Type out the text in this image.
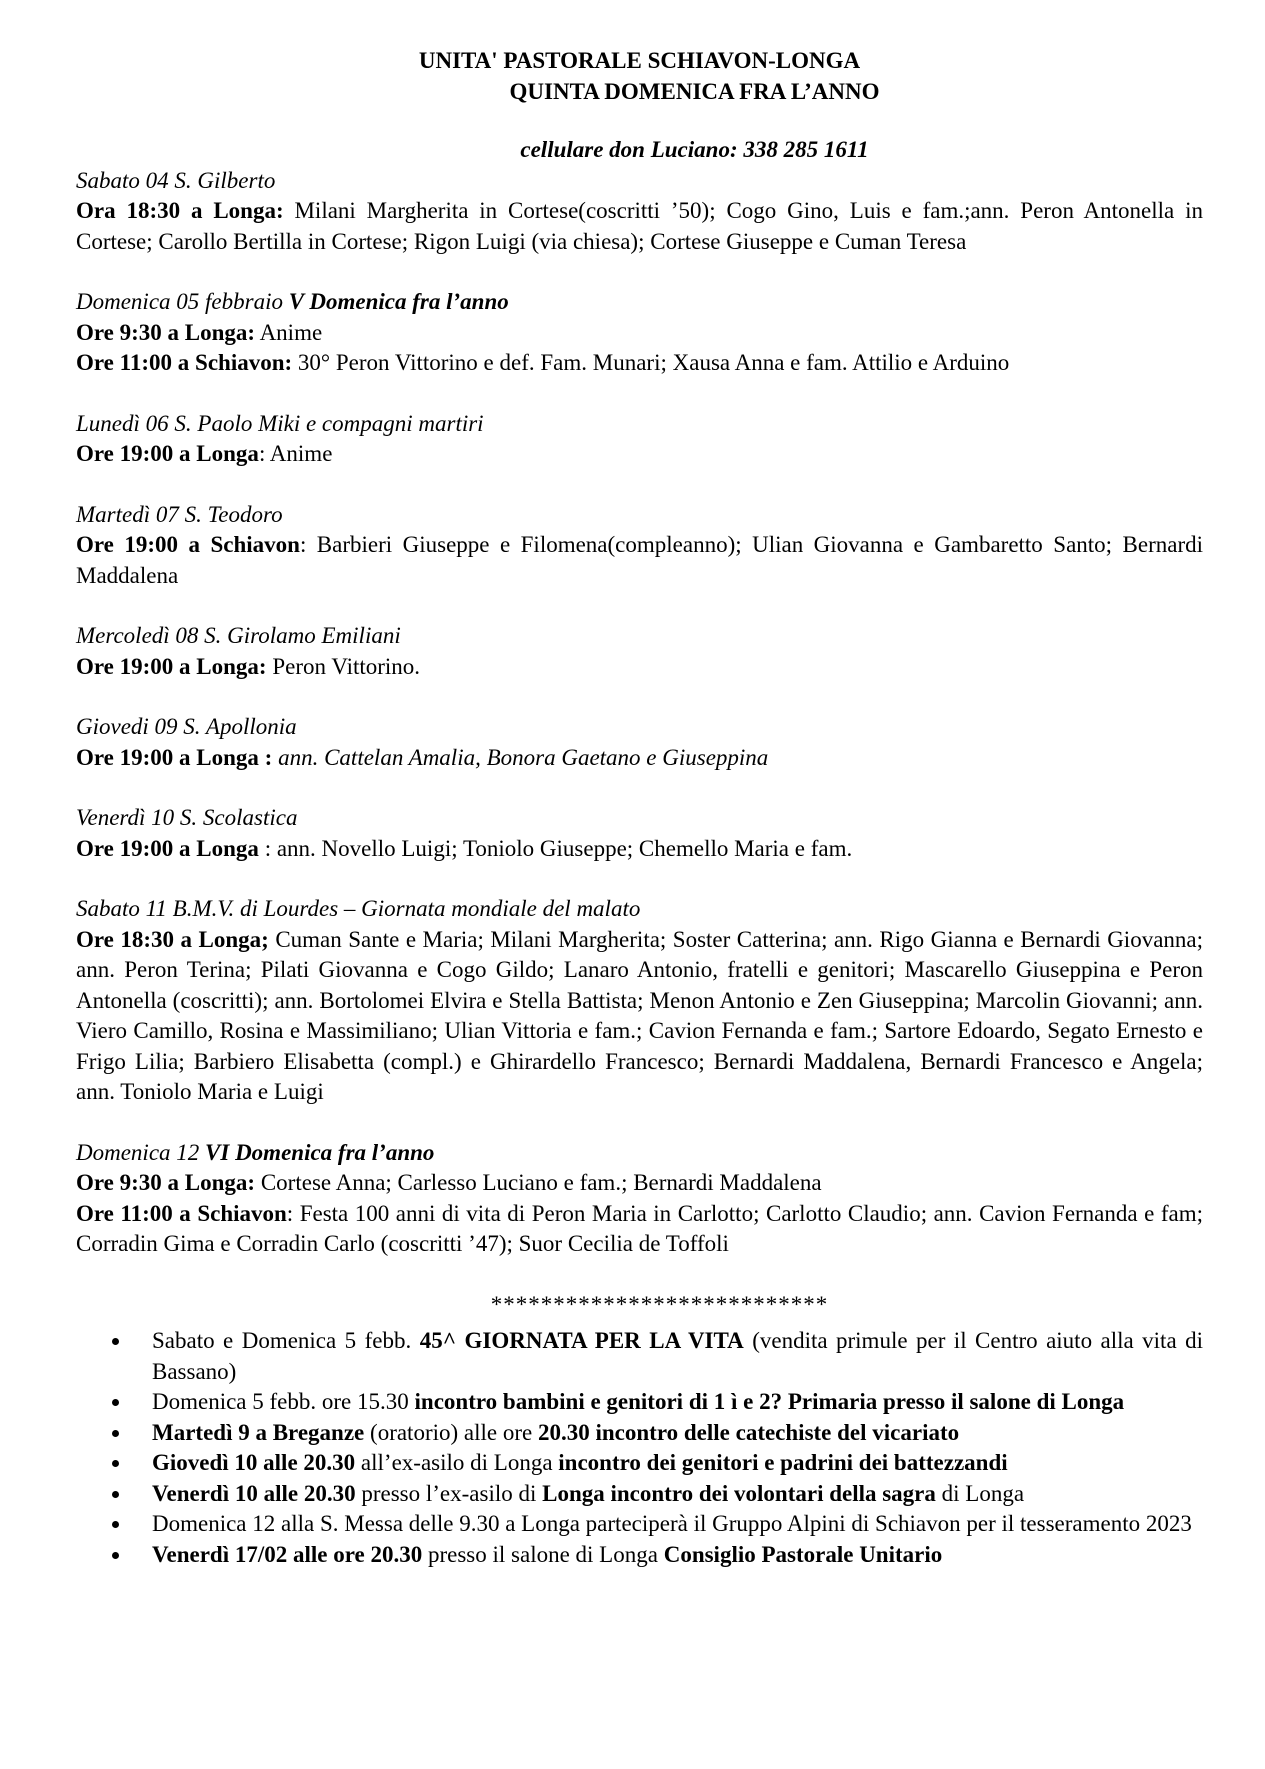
UNITA' PASTORALE SCHIAVON-LONGA

QUINTA DOMENICA FRA L’ANNO

cellulare don Luciano: 338 285 1611

Sabato 04 S. Gilberto

Ora 18:30 a Longa: Milani Margherita in Cortese(coscritti ’50); Cogo Gino, Luis e fam.;ann. Peron Antonella in Cortese; Carollo Bertilla in Cortese; Rigon Luigi (via chiesa); Cortese Giuseppe e Cuman Teresa

Domenica 05 febbraio V Domenica fra l’anno

Ore 9:30 a Longa: Anime

Ore 11:00 a Schiavon: 30° Peron Vittorino e def. Fam. Munari; Xausa Anna e fam. Attilio e Arduino

Lunedì 06 S. Paolo Miki e compagni martiri

Ore 19:00 a Longa: Anime

Martedì 07 S. Teodoro

Ore 19:00 a Schiavon: Barbieri Giuseppe e Filomena(compleanno); Ulian Giovanna e Gambaretto Santo; Bernardi Maddalena

Mercoledì 08 S. Girolamo Emiliani

Ore 19:00 a Longa: Peron Vittorino.

Giovedi 09 S. Apollonia

Ore 19:00 a Longa : ann. Cattelan Amalia, Bonora Gaetano e Giuseppina

Venerdì 10 S. Scolastica

Ore 19:00 a Longa : ann. Novello Luigi; Toniolo Giuseppe; Chemello Maria e fam.

Sabato 11 B.M.V. di Lourdes – Giornata mondiale del malato

Ore 18:30 a Longa; Cuman Sante e Maria; Milani Margherita; Soster Catterina; ann. Rigo Gianna e Bernardi Giovanna; ann. Peron Terina; Pilati Giovanna e Cogo Gildo; Lanaro Antonio, fratelli e genitori; Mascarello Giuseppina e Peron Antonella (coscritti); ann. Bortolomei Elvira e Stella Battista; Menon Antonio e Zen Giuseppina; Marcolin Giovanni; ann. Viero Camillo, Rosina e Massimiliano; Ulian Vittoria e fam.; Cavion Fernanda e fam.; Sartore Edoardo, Segato Ernesto e Frigo Lilia; Barbiero Elisabetta (compl.) e Ghirardello Francesco; Bernardi Maddalena, Bernardi Francesco e Angela; ann. Toniolo Maria e Luigi

Domenica 12 VI Domenica fra l’anno

Ore 9:30 a Longa: Cortese Anna; Carlesso Luciano e fam.; Bernardi Maddalena

Ore 11:00 a Schiavon: Festa 100 anni di vita di Peron Maria in Carlotto; Carlotto Claudio; ann. Cavion Fernanda e fam; Corradin Gima e Corradin Carlo (coscritti ’47); Suor Cecilia de Toffoli

***************************

Sabato e Domenica 5 febb. 45^ GIORNATA PER LA VITA (vendita primule per il Centro aiuto alla vita di Bassano)
Domenica 5 febb. ore 15.30 incontro bambini e genitori di 1 ì e 2? Primaria presso il salone di Longa
Martedì 9 a Breganze (oratorio) alle ore 20.30 incontro delle catechiste del vicariato
Giovedì 10 alle 20.30 all’ex-asilo di Longa incontro dei genitori e padrini dei battezzandi
Venerdì 10 alle 20.30 presso l’ex-asilo di Longa incontro dei volontari della sagra di Longa
Domenica 12 alla S. Messa delle 9.30 a Longa parteciperà il Gruppo Alpini di Schiavon per il tesseramento 2023
Venerdì 17/02 alle ore 20.30 presso il salone di Longa Consiglio Pastorale Unitario
